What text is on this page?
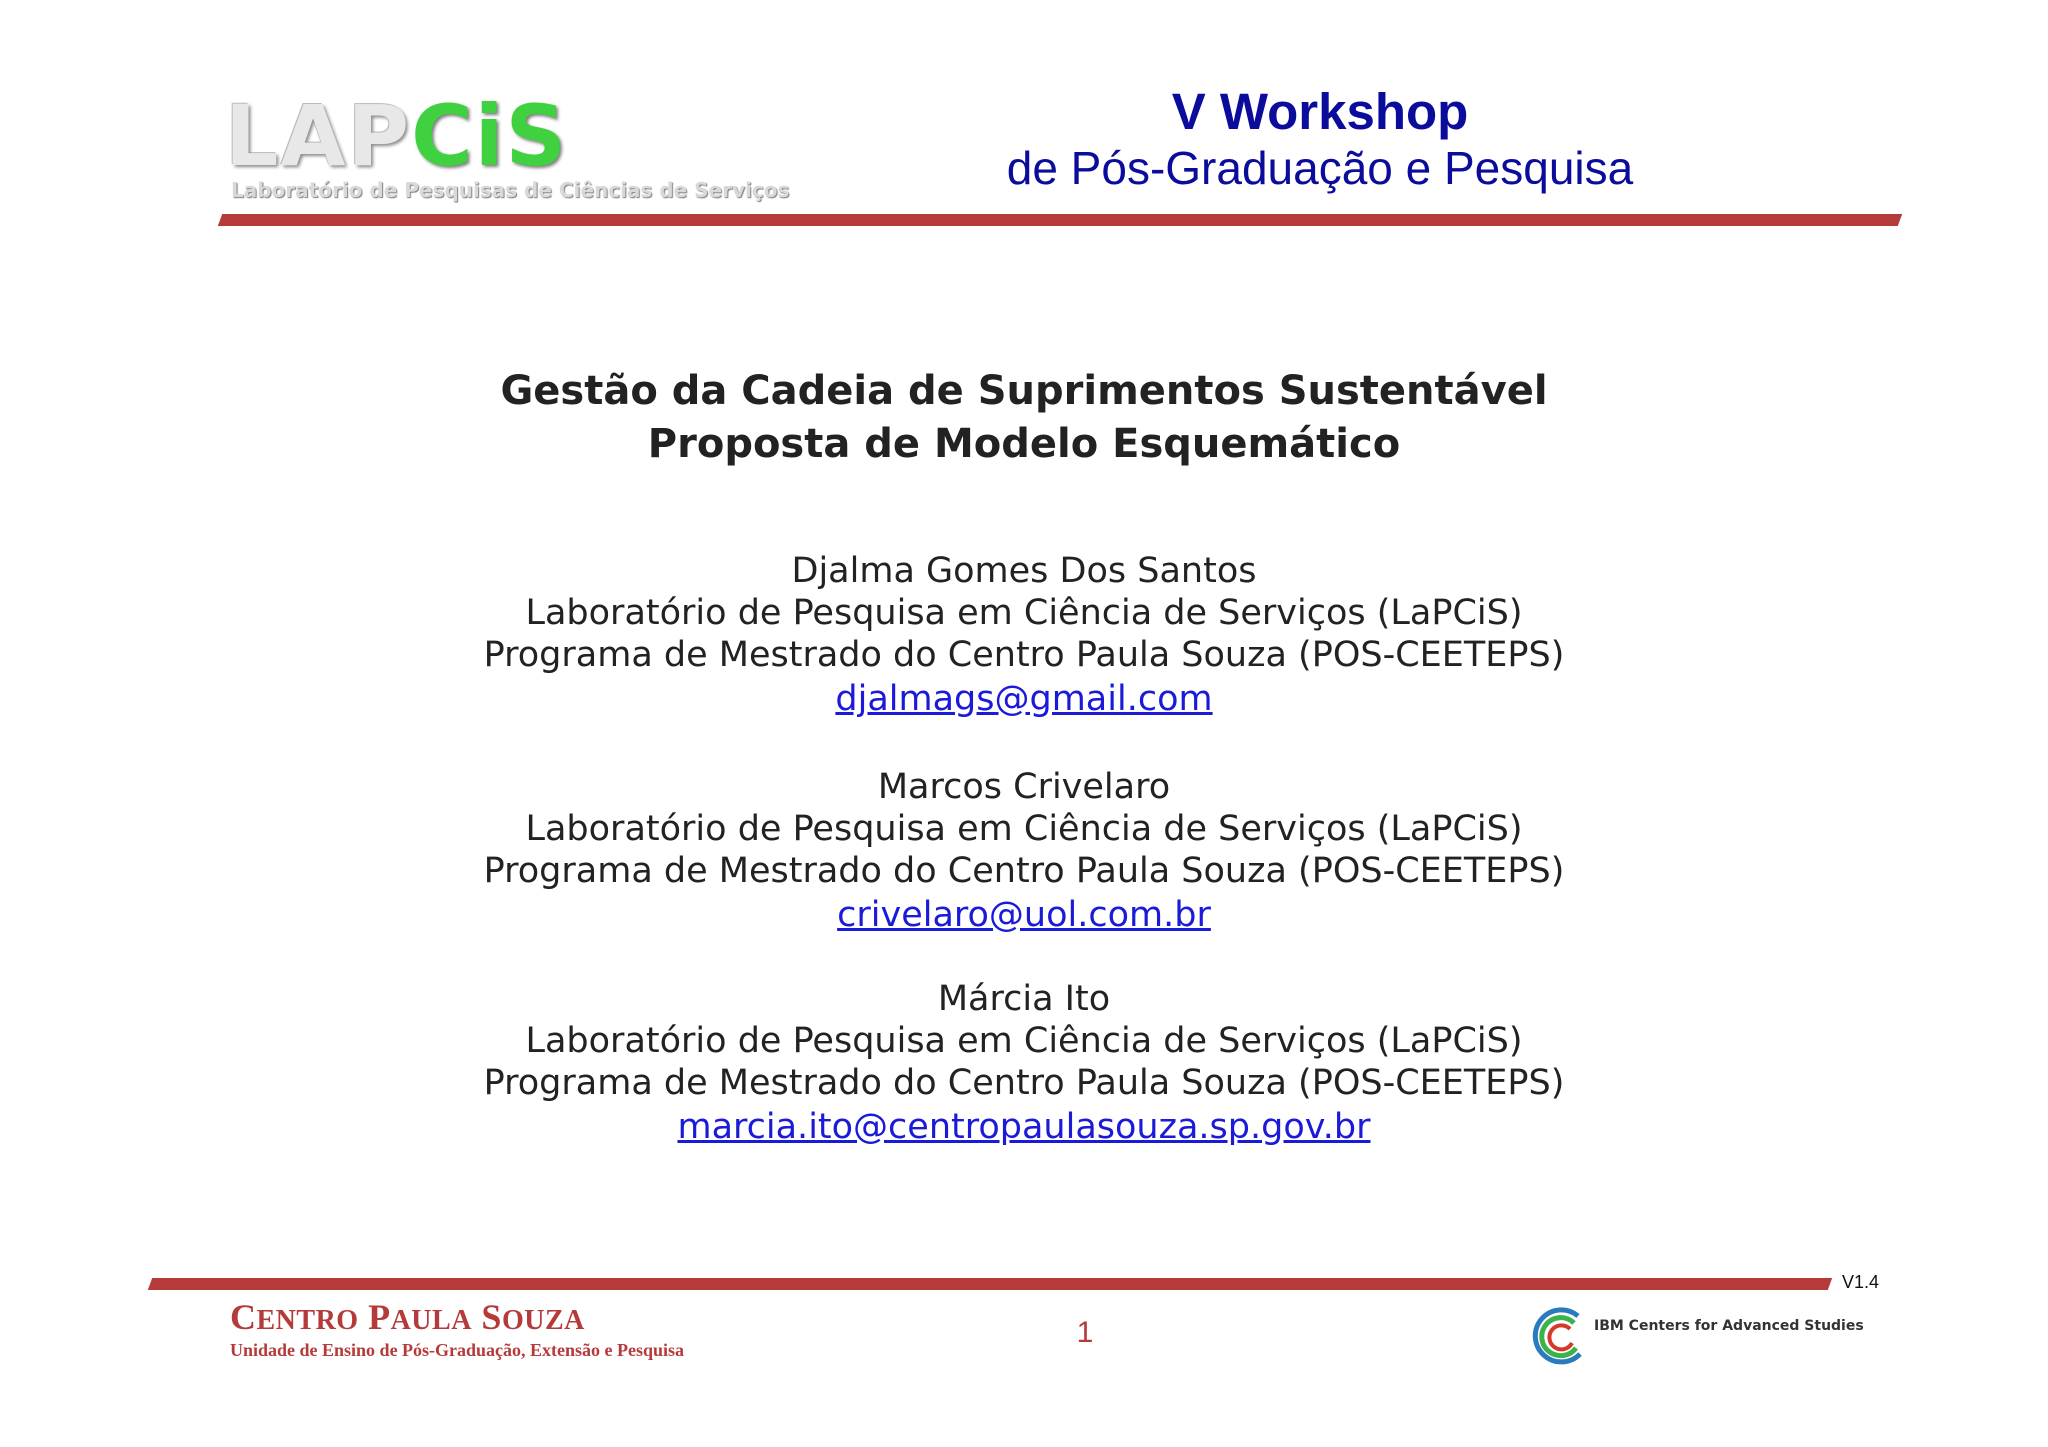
LAPCiS
Laboratório de Pesquisas de Ciências de Serviços
V Workshop
de Pós-Graduação e Pesquisa
Gestão da Cadeia de Suprimentos Sustentável
Proposta de Modelo Esquemático
Djalma Gomes Dos Santos
Laboratório de Pesquisa em Ciência de Serviços (LaPCiS)
Programa de Mestrado do Centro Paula Souza (POS-CEETEPS)
djalmags@gmail.com
Marcos Crivelaro
Laboratório de Pesquisa em Ciência de Serviços (LaPCiS)
Programa de Mestrado do Centro Paula Souza (POS-CEETEPS)
crivelaro@uol.com.br
Márcia Ito
Laboratório de Pesquisa em Ciência de Serviços (LaPCiS)
Programa de Mestrado do Centro Paula Souza (POS-CEETEPS)
marcia.ito@centropaulasouza.sp.gov.br
V1.4
1
CENTRO PAULA SOUZA
Unidade de Ensino de Pós-Graduação, Extensão e Pesquisa
IBM Centers for Advanced Studies
